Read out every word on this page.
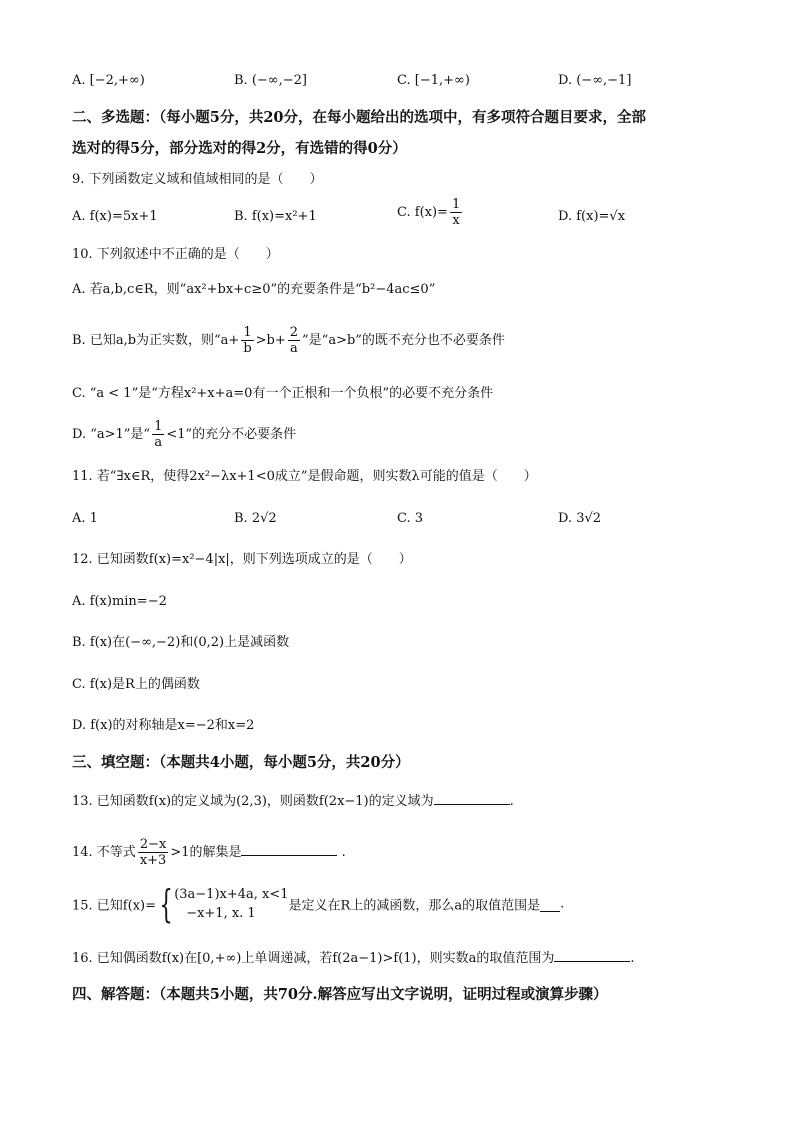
A. [−2,+∞)	B. (−∞,−2]	C. [−1,+∞)	D. (−∞,−1]
二、多选题：（每小题5分，共20分，在每小题给出的选项中，有多项符合题目要求，全部
选对的得5分，部分选对的得2分，有选错的得0分）
9. 下列函数定义域和值域相同的是（　　）
A. f(x)=5x+1	B. f(x)=x²+1	C. $f(x)= \frac{1}{x}$	D. f(x)=√x
10. 下列叙述中不正确的是（　　）
A. 若a,b,c∈R，则“ax²+bx+c≥0”的充要条件是“b²−4ac≤0”
B. 已知a,b为正实数，则“$a+ \frac{1}{b} >b+ \frac{2}{a}$ ”是“a>b”的既不充分也不必要条件
C. “a < 1”是“方程x²+x+a=0有一个正根和一个负根”的必要不充分条件
D. “a>1”是“ $\frac{1}{a} <1$”的充分不必要条件
11. 若“∃x∈R，使得2x²−λx+1<0成立”是假命题，则实数λ可能的值是（　　）
A. 1	B. 2√2	C. 3	D. 3√2
12. 已知函数f(x)=x²−4|x|，则下列选项成立的是（　　）
A. f(x)min=−2
B. f(x)在(−∞,−2)和(0,2)上是减函数
C. f(x)是R上的偶函数
D. f(x)的对称轴是x=−2和x=2
三、填空题：（本题共4小题，每小题5分，共20分）
13. 已知函数f(x)的定义域为(2,3)，则函数f(2x−1)的定义域为	.
14. 不等式 $\frac{2-x}{x+3} >1$的解集是	.
15. 已知f(x)={ (3a−1)x+4a, x<1
−x+1, x. 1	是定义在R上的减函数，那么a的取值范围是 .
16. 已知偶函数f(x)在[0,+∞)上单调递减，若f(2a−1)>f(1)，则实数a的取值范围为	.
四、解答题：（本题共5小题，共70分.解答应写出文字说明，证明过程或演算步骤）
